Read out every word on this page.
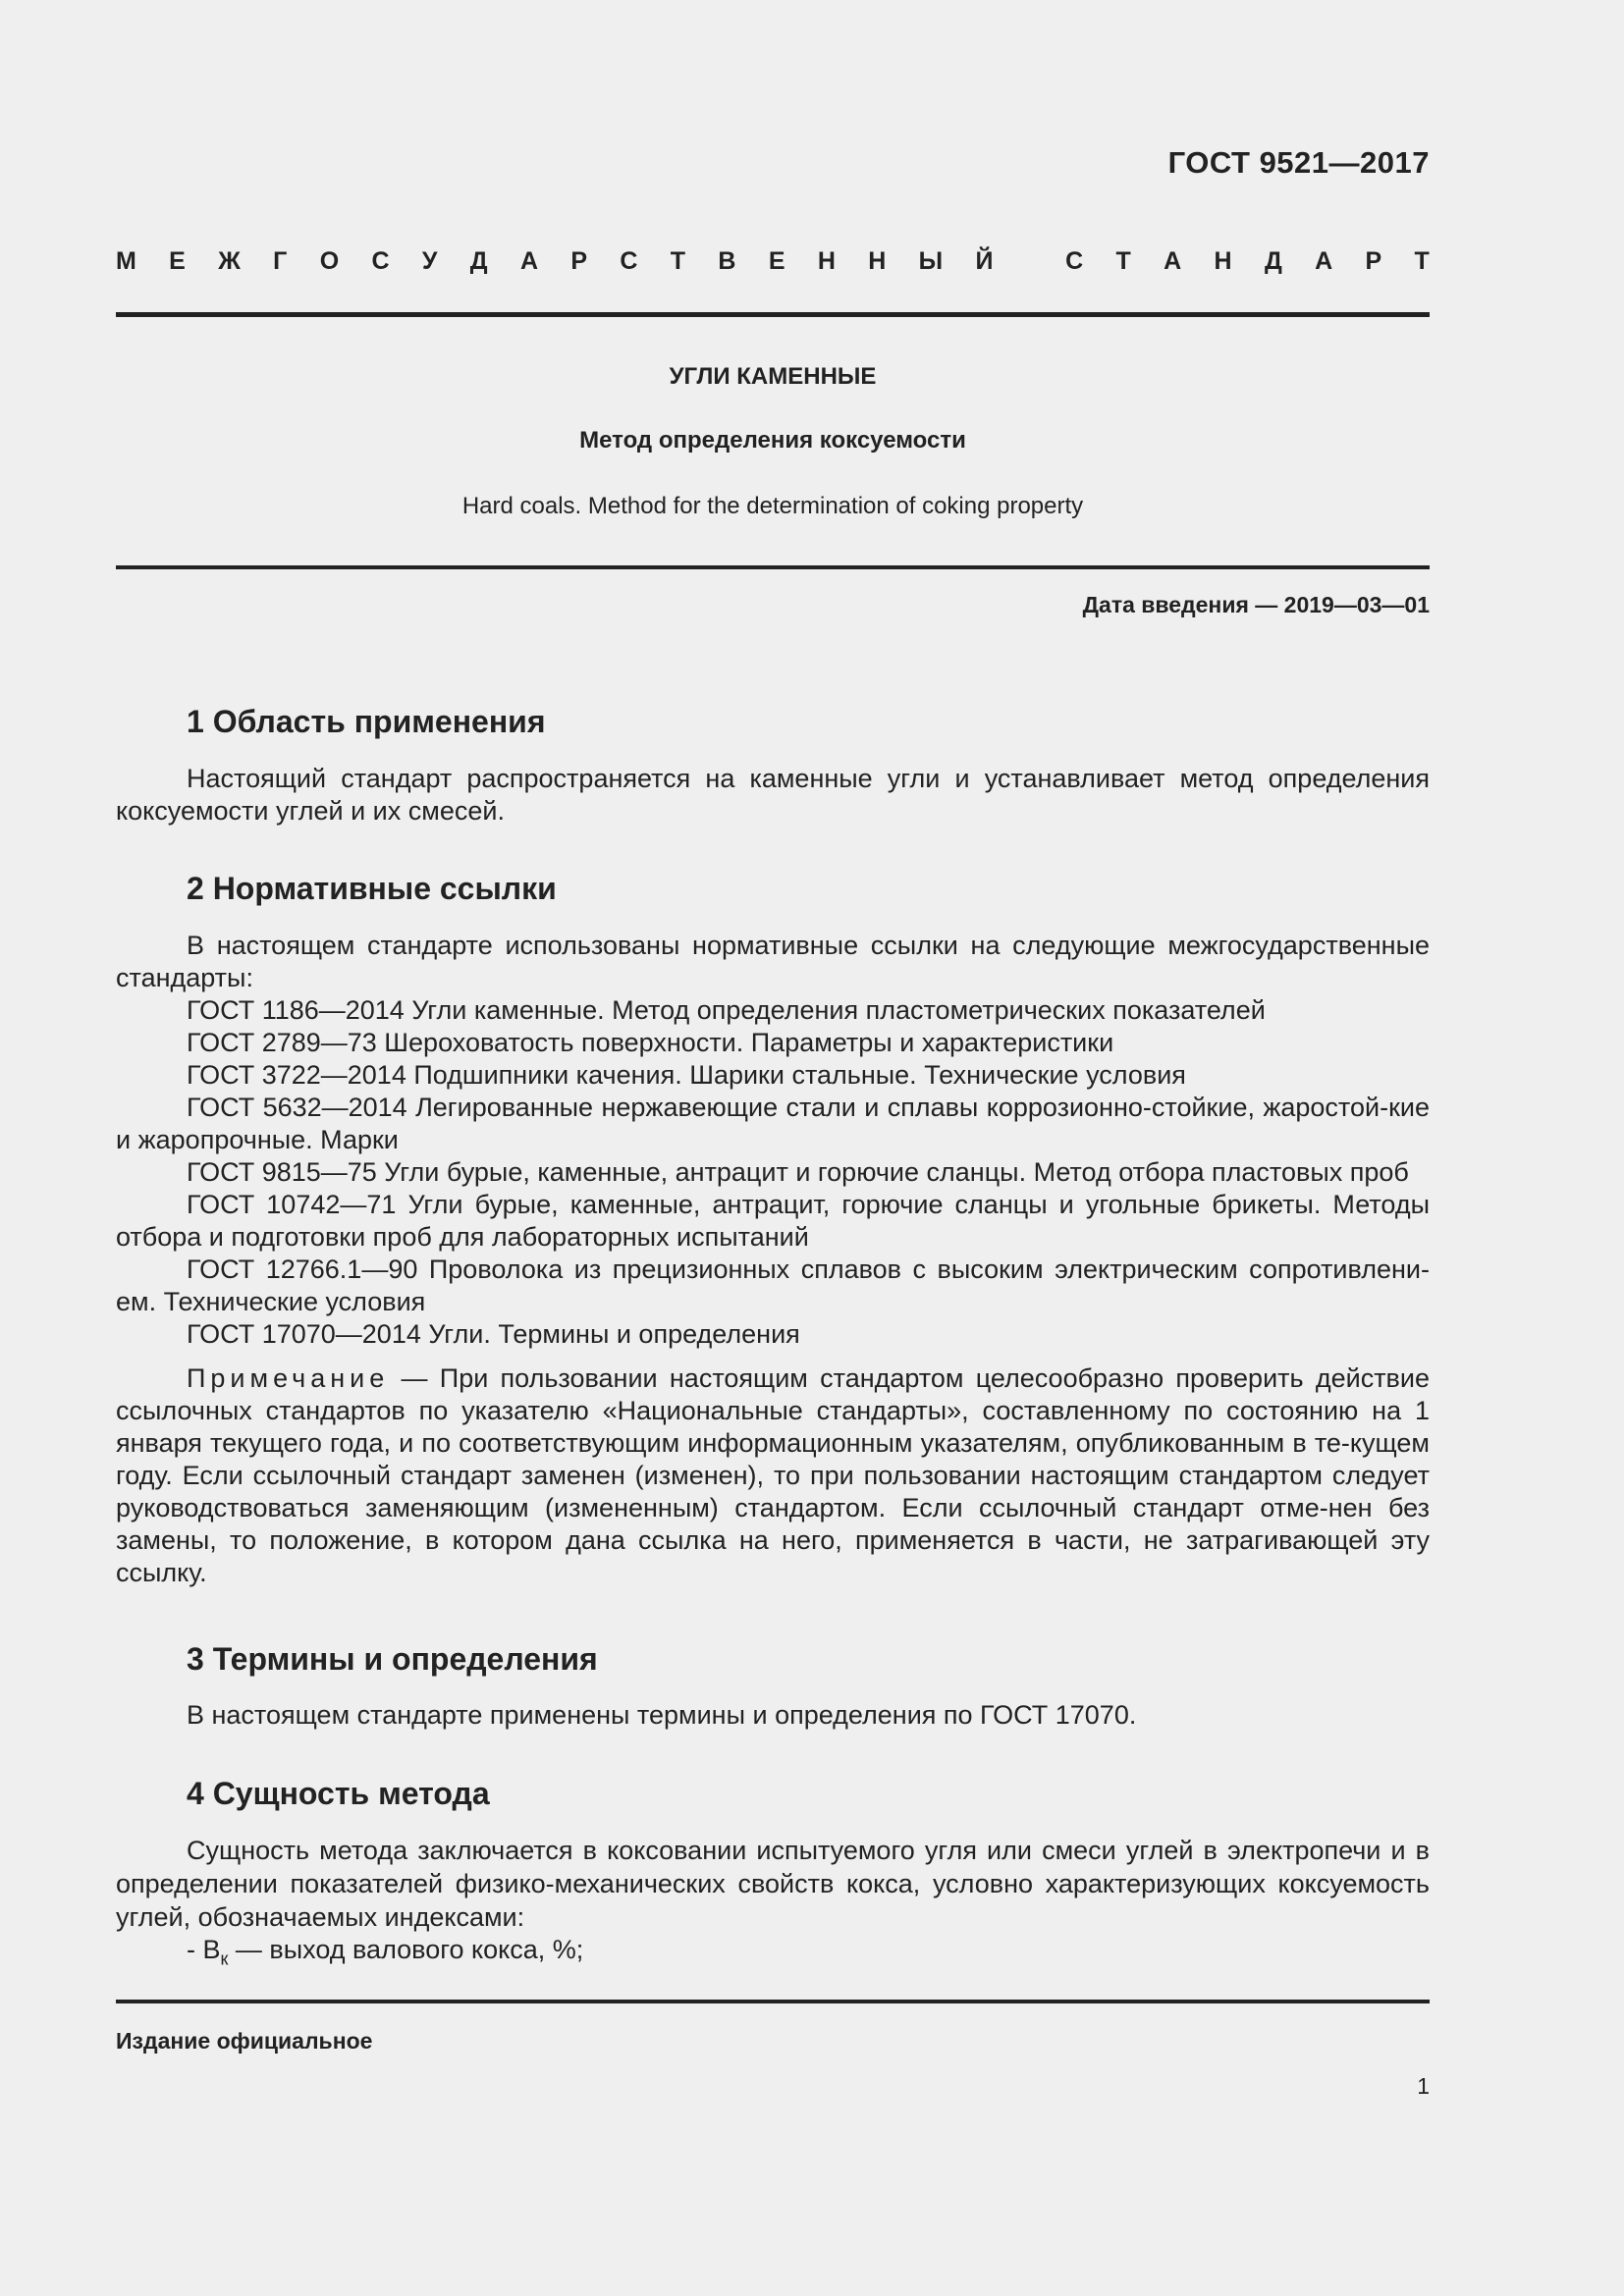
ГОСТ 9521—2017
М Е Ж Г О С У Д А Р С Т В Е Н Н Ы Й
	С Т А Н Д А Р Т
УГЛИ КАМЕННЫЕ
Метод определения коксуемости
Hard coals. Method for the determination of coking property
Дата введения — 2019—03—01
1 Область применения

Настоящий стандарт распространяется на каменные угли и устанавливает метод определения коксуемости углей и их смесей.

2 Нормативные ссылки

В настоящем стандарте использованы нормативные ссылки на следующие межгосударственные стандарты:

ГОСТ 1186—2014 Угли каменные. Метод определения пластометрических показателей

ГОСТ 2789—73 Шероховатость поверхности. Параметры и характеристики

ГОСТ 3722—2014 Подшипники качения. Шарики стальные. Технические условия

ГОСТ 5632—2014 Легированные нержавеющие стали и сплавы коррозионно-стойкие, жаростой-кие и жаропрочные. Марки

ГОСТ 9815—75 Угли бурые, каменные, антрацит и горючие сланцы. Метод отбора пластовых проб

ГОСТ 10742—71 Угли бурые, каменные, антрацит, горючие сланцы и угольные брикеты. Методы отбора и подготовки проб для лабораторных испытаний

ГОСТ 12766.1—90 Проволока из прецизионных сплавов с высоким электрическим сопротивлени-ем. Технические условия

ГОСТ 17070—2014 Угли. Термины и определения

Примечание — При пользовании настоящим стандартом целесообразно проверить действие ссылочных стандартов по указателю «Национальные стандарты», составленному по состоянию на 1 января текущего года, и по соответствующим информационным указателям, опубликованным в те-кущем году. Если ссылочный стандарт заменен (изменен), то при пользовании настоящим стандартом следует руководствоваться заменяющим (измененным) стандартом. Если ссылочный стандарт отме-нен без замены, то положение, в котором дана ссылка на него, применяется в части, не затрагивающей эту ссылку.

3 Термины и определения

В настоящем стандарте применены термины и определения по ГОСТ 17070.

4 Сущность метода

Сущность метода заключается в коксовании испытуемого угля или смеси углей в электропечи и в определении показателей физико-механических свойств кокса, условно характеризующих коксуемость углей, обозначаемых индексами:

- $В_к$ — выход валового кокса, %;

Издание официальное
1
